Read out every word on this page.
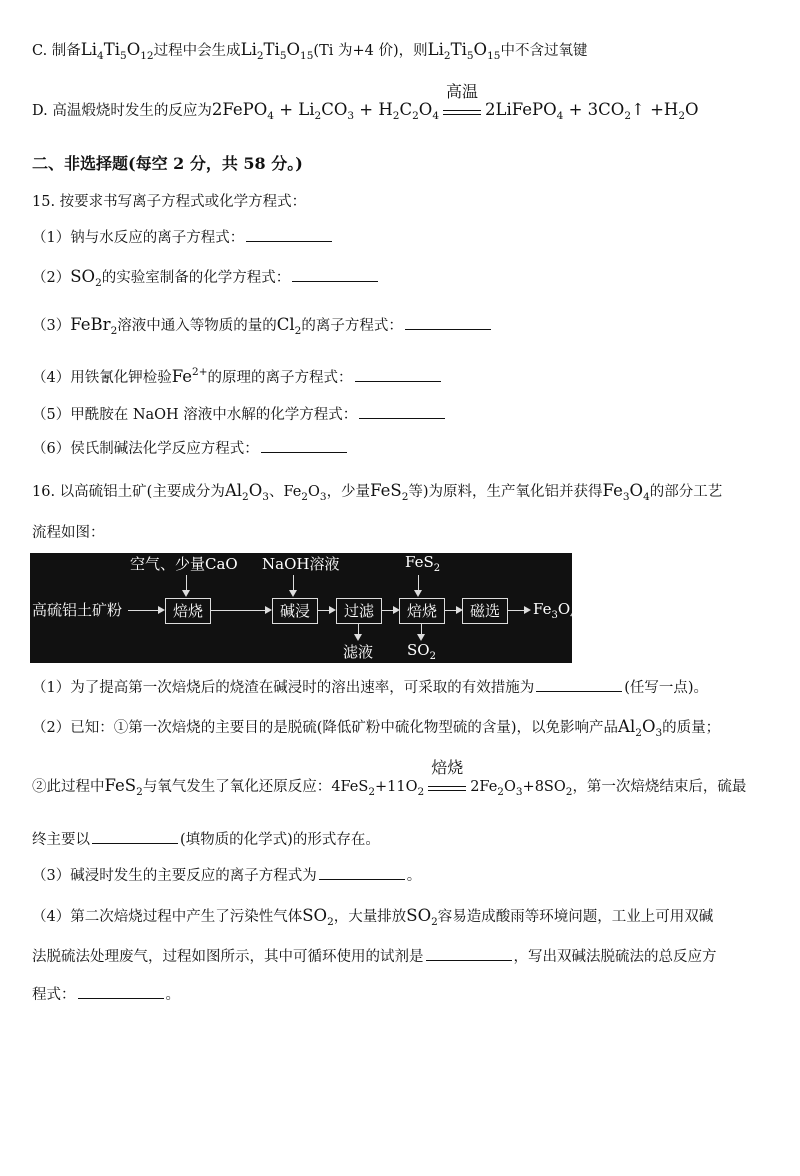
C. 制备$Li_4Ti_5O_{12}$过程中会生成$Li_2Ti_5O_{15}(Ti$ 为+4 价)，则$Li_2Ti_5O_{15}$中不含过氧键
D. 高温煅烧时发生的反应为2FePO$_4$ + $Li_2CO_3 + H_2C_2O_4$
高温
2LiFePO$_4$ + $3CO_2↑ +H_2O$
二、非选择题(每空 2 分，共 58 分。)
15. 按要求书写离子方程式或化学方程式：
（1）钠与水反应的离子方程式：
$(2)SO_2$的实验室制备的化学方程式：
（3）FeBr$_2$溶液中通入等物质的量的$Cl_2$的离子方程式：
（4）用铁氰化钾检验$Fe^{2+}$的原理的离子方程式：
（5）甲酰胺在 NaOH 溶液中水解的化学方程式：
（6）侯氏制碱法化学反应方程式：
16. 以高硫铝土矿(主要成分为$Al_2O_3$、$Fe_2O_3$，少量FeS$_2$等)为原料，生产氧化铝并获得$Fe_3O_4$的部分工艺
流程如图：
空气、少量CaO NaOH溶液	FeS$_2$
高硫铝土矿粉	焙烧	碱浸	过滤	焙烧	磁选	$Fe_3O_4$
滤液 $SO_2$
（1）为了提高第一次焙烧后的烧渣在碱浸时的溶出速率，可采取的有效措施为	(任写一点)。
（2）已知：①第一次焙烧的主要目的是脱硫(降低矿粉中硫化物型硫的含量)，以免影响产品$Al_2O_3$的质量；
②此过程中FeS$_2$与氧气发生了氧化还原反应：$4FeS_2+11O_2$
焙烧
$2Fe_2O_3+8SO_2$，第一次焙烧结束后，硫最
终主要以	(填物质的化学式)的形式存在。
（3）碱浸时发生的主要反应的离子方程式为	。
（4）第二次焙烧过程中产生了污染性气体$SO_2$，大量排放$SO_2$容易造成酸雨等环境问题，工业上可用双碱
法脱硫法处理废气，过程如图所示，其中可循环使用的试剂是	，写出双碱法脱硫法的总反应方
程式：	。
